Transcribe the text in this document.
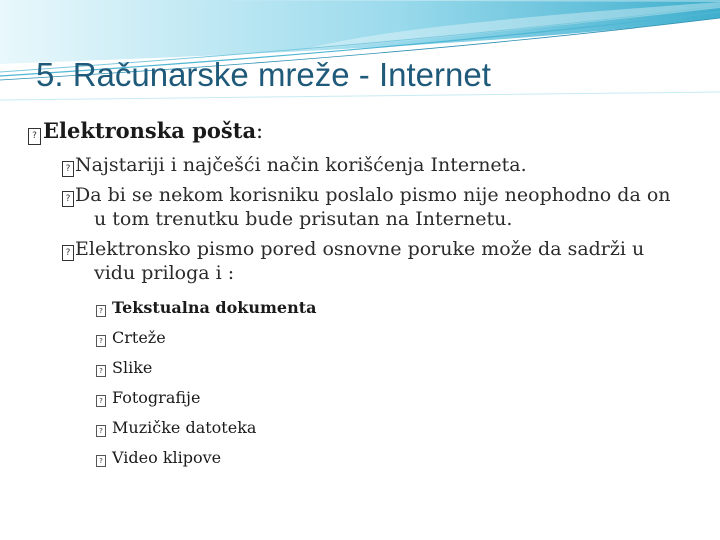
5. Računarske mreže - Internet

? Elektronska pošta:

? Najstariji i najčešći način korišćenja Interneta.

? Da bi se nekom korisniku poslalo pismo nije neophodno da on u tom trenutku bude prisutan na Internetu.

? Elektronsko pismo pored osnovne poruke može da sadrži u vidu priloga i :

? Tekstualna dokumenta

? Crteže

? Slike

? Fotografije

? Muzičke datoteka

? Video klipove
